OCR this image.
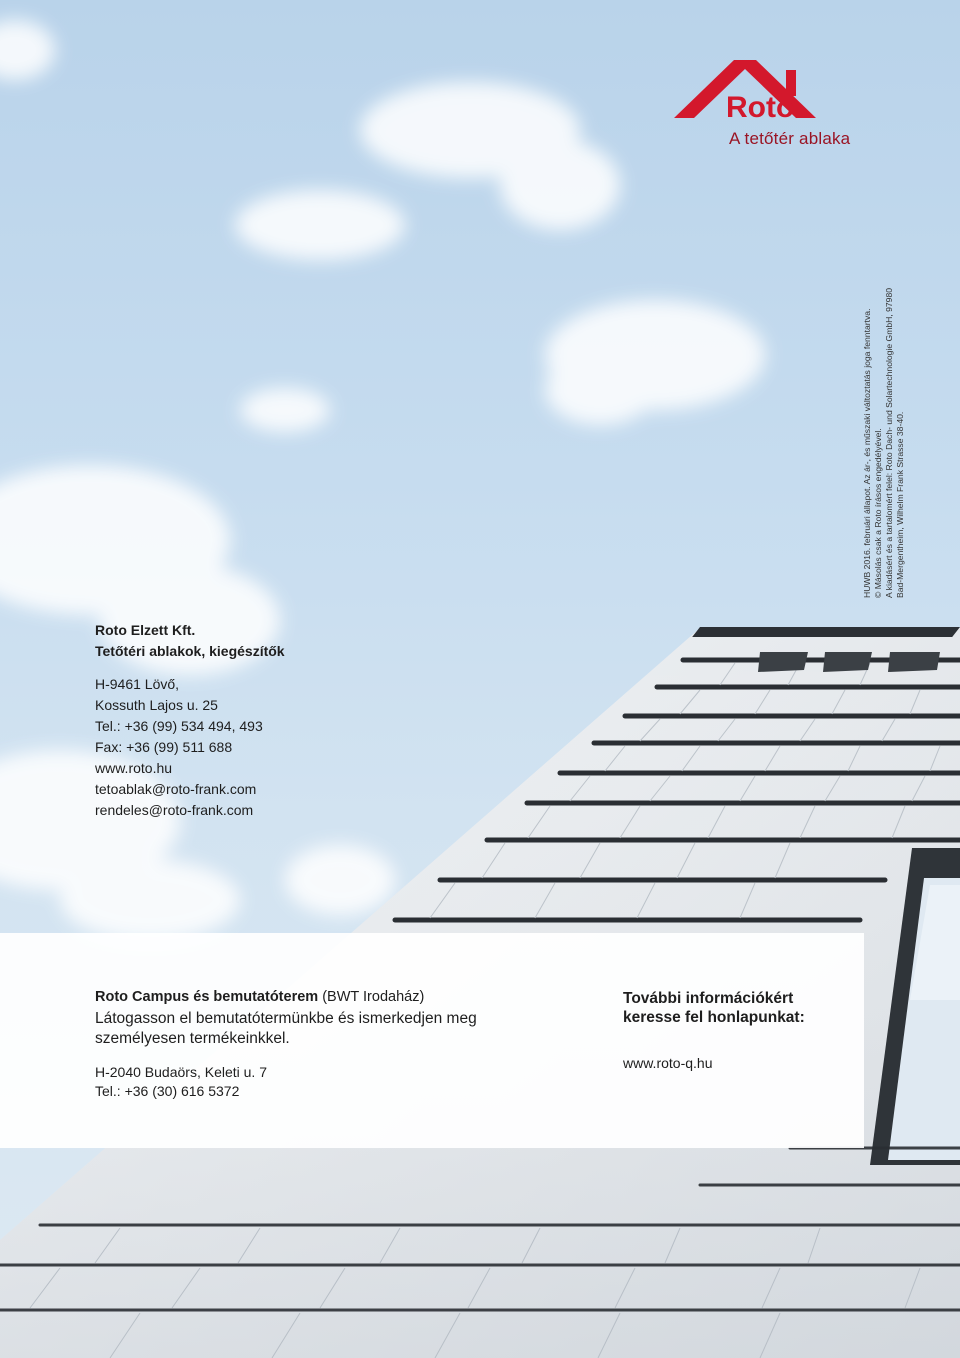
Roto
A tetőtér ablaka
HUWB 2016. februári állapot. Az ár-, és műszaki változtatás joga fenntartva. © Másolás csak a Roto írásos engedélyével. A kiadásért és a tartalomért felel: Roto Dach- und Solartechnologie GmbH, 97980 Bad-Mergentheim, Wilhelm Frank Strasse 38-40.
Roto Elzett Kft.
Tetőtéri ablakok, kiegészítők
H-9461 Lövő,
Kossuth Lajos u. 25
Tel.: +36 (99) 534 494, 493
Fax: +36 (99) 511 688
www.roto.hu
tetoablak@roto-frank.com
rendeles@roto-frank.com
Roto Campus és bemutatóterem (BWT Irodaház)
Látogasson el bemutatótermünkbe és ismerkedjen meg személyesen termékeinkkel.
H-2040 Budaörs, Keleti u. 7
Tel.: +36 (30) 616 5372
További információkért
keresse fel honlapunkat:
www.roto-q.hu
